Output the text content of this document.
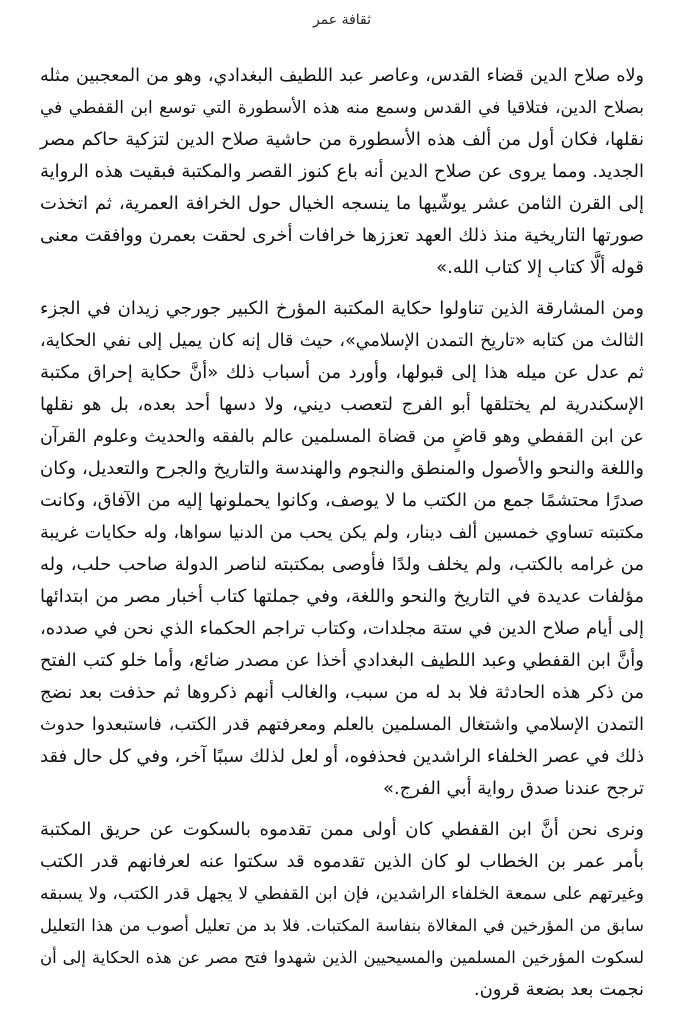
ثقافة عمر
ولاه صلاح الدين قضاء القدس، وعاصر عبد اللطيف البغدادي، وهو من المعجبين مثله
بصلاح الدين، فتلاقيا في القدس وسمع منه هذه الأسطورة التي توسع ابن القفطي في
نقلها، فكان أول من ألف هذه الأسطورة من حاشية صلاح الدين لتزكية حاكم مصر
الجديد. ومما يروى عن صلاح الدين أنه باع كنوز القصر والمكتبة فبقيت هذه الرواية
إلى القرن الثامن عشر يوشّيها ما ينسجه الخيال حول الخرافة العمرية، ثم اتخذت
صورتها التاريخية منذ ذلك العهد تعززها خرافات أخرى لحقت بعمرن ووافقت معنى
قوله ألَّا كتاب إلا كتاب الله.»
ومن المشارقة الذين تناولوا حكاية المكتبة المؤرخ الكبير جورجي زيدان في الجزء
الثالث من كتابه «تاريخ التمدن الإسلامي»، حيث قال إنه كان يميل إلى نفي الحكاية،
ثم عدل عن ميله هذا إلى قبولها، وأورد من أسباب ذلك «أنَّ حكاية إحراق مكتبة
الإسكندرية لم يختلقها أبو الفرج لتعصب ديني، ولا دسها أحد بعده، بل هو نقلها
عن ابن القفطي وهو قاضٍ من قضاة المسلمين عالم بالفقه والحديث وعلوم القرآن
واللغة والنحو والأصول والمنطق والنجوم والهندسة والتاريخ والجرح والتعديل، وكان
صدرًا محتشمًا جمع من الكتب ما لا يوصف، وكانوا يحملونها إليه من الآفاق، وكانت
مكتبته تساوي خمسين ألف دينار، ولم يكن يحب من الدنيا سواها، وله حكايات غريبة
من غرامه بالكتب، ولم يخلف ولدًا فأوصى بمكتبته لناصر الدولة صاحب حلب، وله
مؤلفات عديدة في التاريخ والنحو واللغة، وفي جملتها كتاب أخبار مصر من ابتدائها
إلى أيام صلاح الدين في ستة مجلدات، وكتاب تراجم الحكماء الذي نحن في صدده،
وأنَّ ابن القفطي وعبد اللطيف البغدادي أخذا عن مصدر ضائع، وأما خلو كتب الفتح
من ذكر هذه الحادثة فلا بد له من سبب، والغالب أنهم ذكروها ثم حذفت بعد نضج
التمدن الإسلامي واشتغال المسلمين بالعلم ومعرفتهم قدر الكتب، فاستبعدوا حدوث
ذلك في عصر الخلفاء الراشدين فحذفوه، أو لعل لذلك سببًا آخر، وفي كل حال فقد
ترجح عندنا صدق رواية أبي الفرج.»
ونرى نحن أنَّ ابن القفطي كان أولى ممن تقدموه بالسكوت عن حريق المكتبة
بأمر عمر بن الخطاب لو كان الذين تقدموه قد سكتوا عنه لعرفانهم قدر الكتب
وغيرتهم على سمعة الخلفاء الراشدين، فإن ابن القفطي لا يجهل قدر الكتب، ولا يسبقه
سابق من المؤرخين في المغالاة بنفاسة المكتبات. فلا بد من تعليل أصوب من هذا التعليل
لسكوت المؤرخين المسلمين والمسيحيين الذين شهدوا فتح مصر عن هذه الحكاية إلى أن
نجمت بعد بضعة قرون.
